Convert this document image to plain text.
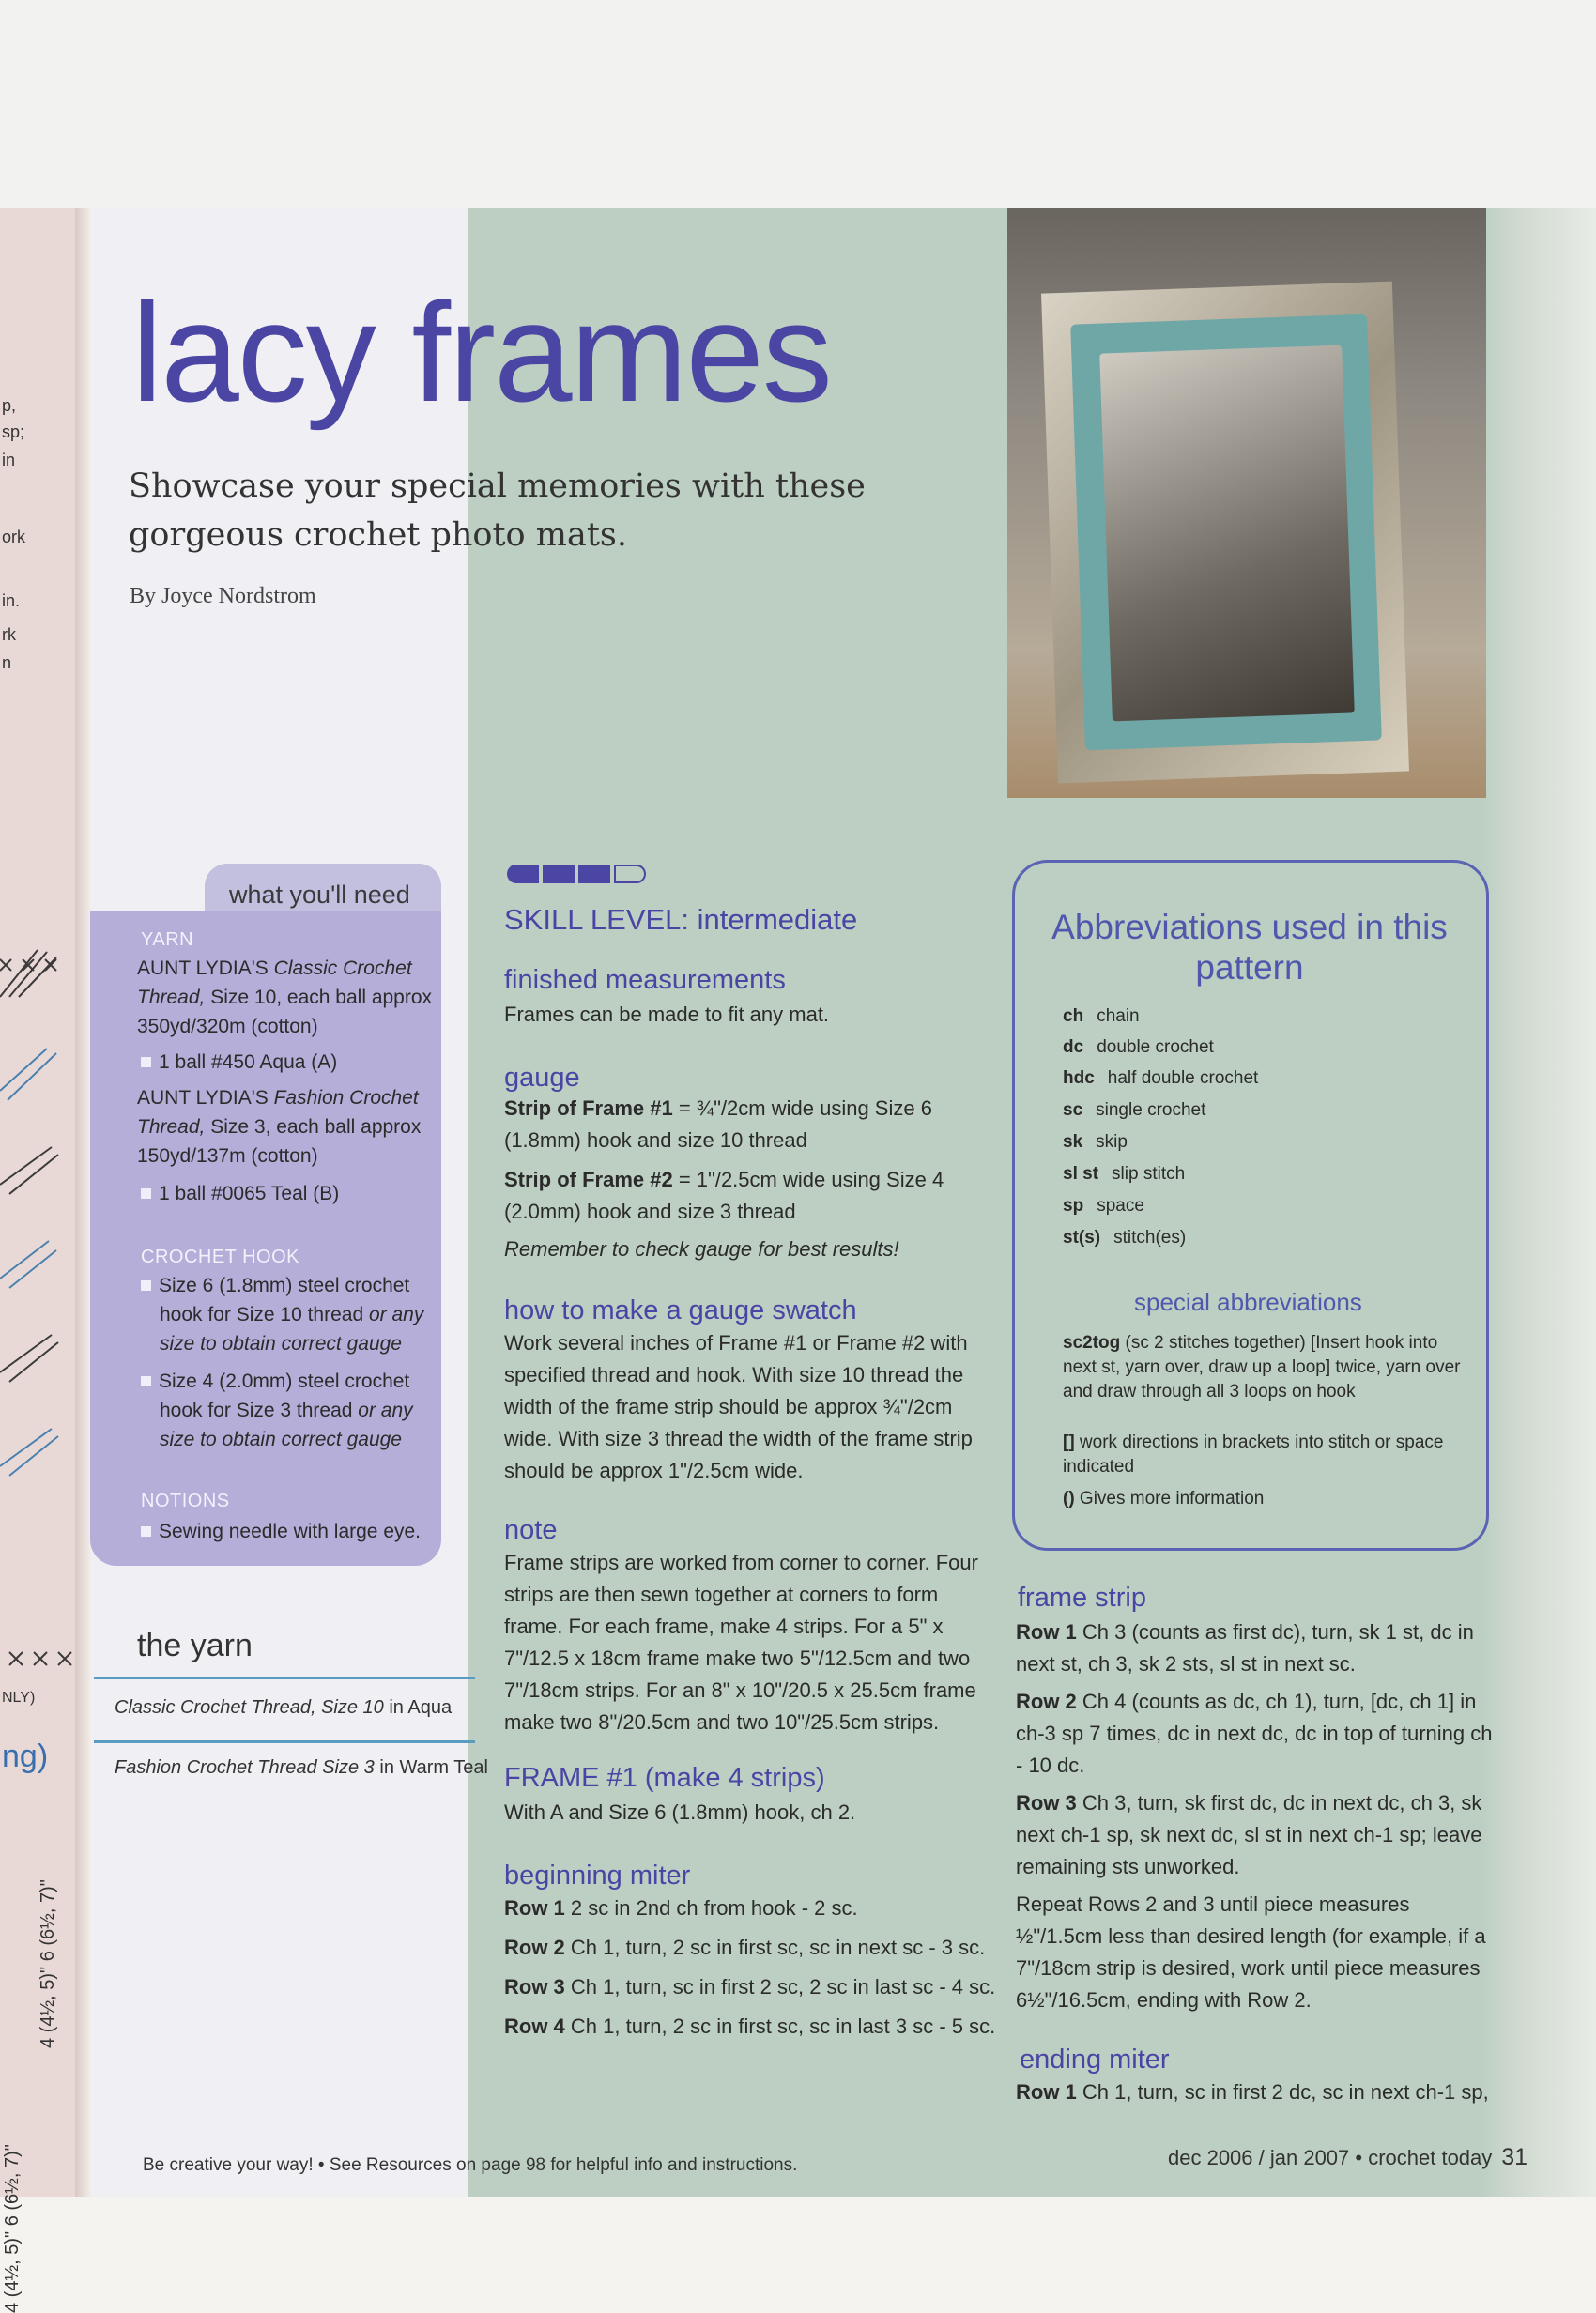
p,
sp;
in
ork
in.
rk
n
NLY)
ng)
4 (4½, 5)" 6 (6½, 7)"
4 (4½, 5)" 6 (6½, 7)"
lacy frames
Showcase your special memories with these gorgeous crochet photo mats.
By Joyce Nordstrom
what you'll need
YARN
AUNT LYDIA'S Classic Crochet Thread, Size 10, each ball approx 350yd/320m (cotton)
1 ball #450 Aqua (A)
AUNT LYDIA'S Fashion Crochet Thread, Size 3, each ball approx 150yd/137m (cotton)
1 ball #0065 Teal (B)
CROCHET HOOK
Size 6 (1.8mm) steel crochet hook for Size 10 thread or any size to obtain correct gauge
Size 4 (2.0mm) steel crochet hook for Size 3 thread or any size to obtain correct gauge
NOTIONS
Sewing needle with large eye.
the yarn
Classic Crochet Thread, Size 10 in Aqua
Fashion Crochet Thread Size 3 in Warm Teal
SKILL LEVEL: intermediate
finished measurements
Frames can be made to fit any mat.
gauge
Strip of Frame #1 = ¾"/2cm wide using Size 6 (1.8mm) hook and size 10 thread
Strip of Frame #2 = 1"/2.5cm wide using Size 4 (2.0mm) hook and size 3 thread
Remember to check gauge for best results!
how to make a gauge swatch
Work several inches of Frame #1 or Frame #2 with specified thread and hook. With size 10 thread the width of the frame strip should be approx ¾"/2cm wide. With size 3 thread the width of the frame strip should be approx 1"/2.5cm wide.
note
Frame strips are worked from corner to corner. Four strips are then sewn together at corners to form frame. For each frame, make 4 strips. For a 5" x 7"/12.5 x 18cm frame make two 5"/12.5cm and two 7"/18cm strips. For an 8" x 10"/20.5 x 25.5cm frame make two 8"/20.5cm and two 10"/25.5cm strips.
FRAME #1 (make 4 strips)
With A and Size 6 (1.8mm) hook, ch 2.
beginning miter
Row 1 2 sc in 2nd ch from hook - 2 sc.
Row 2 Ch 1, turn, 2 sc in first sc, sc in next sc - 3 sc.
Row 3 Ch 1, turn, sc in first 2 sc, 2 sc in last sc - 4 sc.
Row 4 Ch 1, turn, 2 sc in first sc, sc in last 3 sc - 5 sc.
Abbreviations used in this pattern
ch chain
dc double crochet
hdc half double crochet
sc single crochet
sk skip
sl st slip stitch
sp space
st(s) stitch(es)
special abbreviations
sc2tog (sc 2 stitches together) [Insert hook into next st, yarn over, draw up a loop] twice, yarn over and draw through all 3 loops on hook
[] work directions in brackets into stitch or space indicated
() Gives more information
frame strip
Row 1 Ch 3 (counts as first dc), turn, sk 1 st, dc in next st, ch 3, sk 2 sts, sl st in next sc.
Row 2 Ch 4 (counts as dc, ch 1), turn, [dc, ch 1] in ch-3 sp 7 times, dc in next dc, dc in top of turning ch - 10 dc.
Row 3 Ch 3, turn, sk first dc, dc in next dc, ch 3, sk next ch-1 sp, sk next dc, sl st in next ch-1 sp; leave remaining sts unworked.
Repeat Rows 2 and 3 until piece measures ½"/1.5cm less than desired length (for example, if a 7"/18cm strip is desired, work until piece measures 6½"/16.5cm, ending with Row 2.
ending miter
Row 1 Ch 1, turn, sc in first 2 dc, sc in next ch-1 sp,
Be creative your way! • See Resources on page 98 for helpful info and instructions.	dec 2006 / jan 2007 • crochet today 31
